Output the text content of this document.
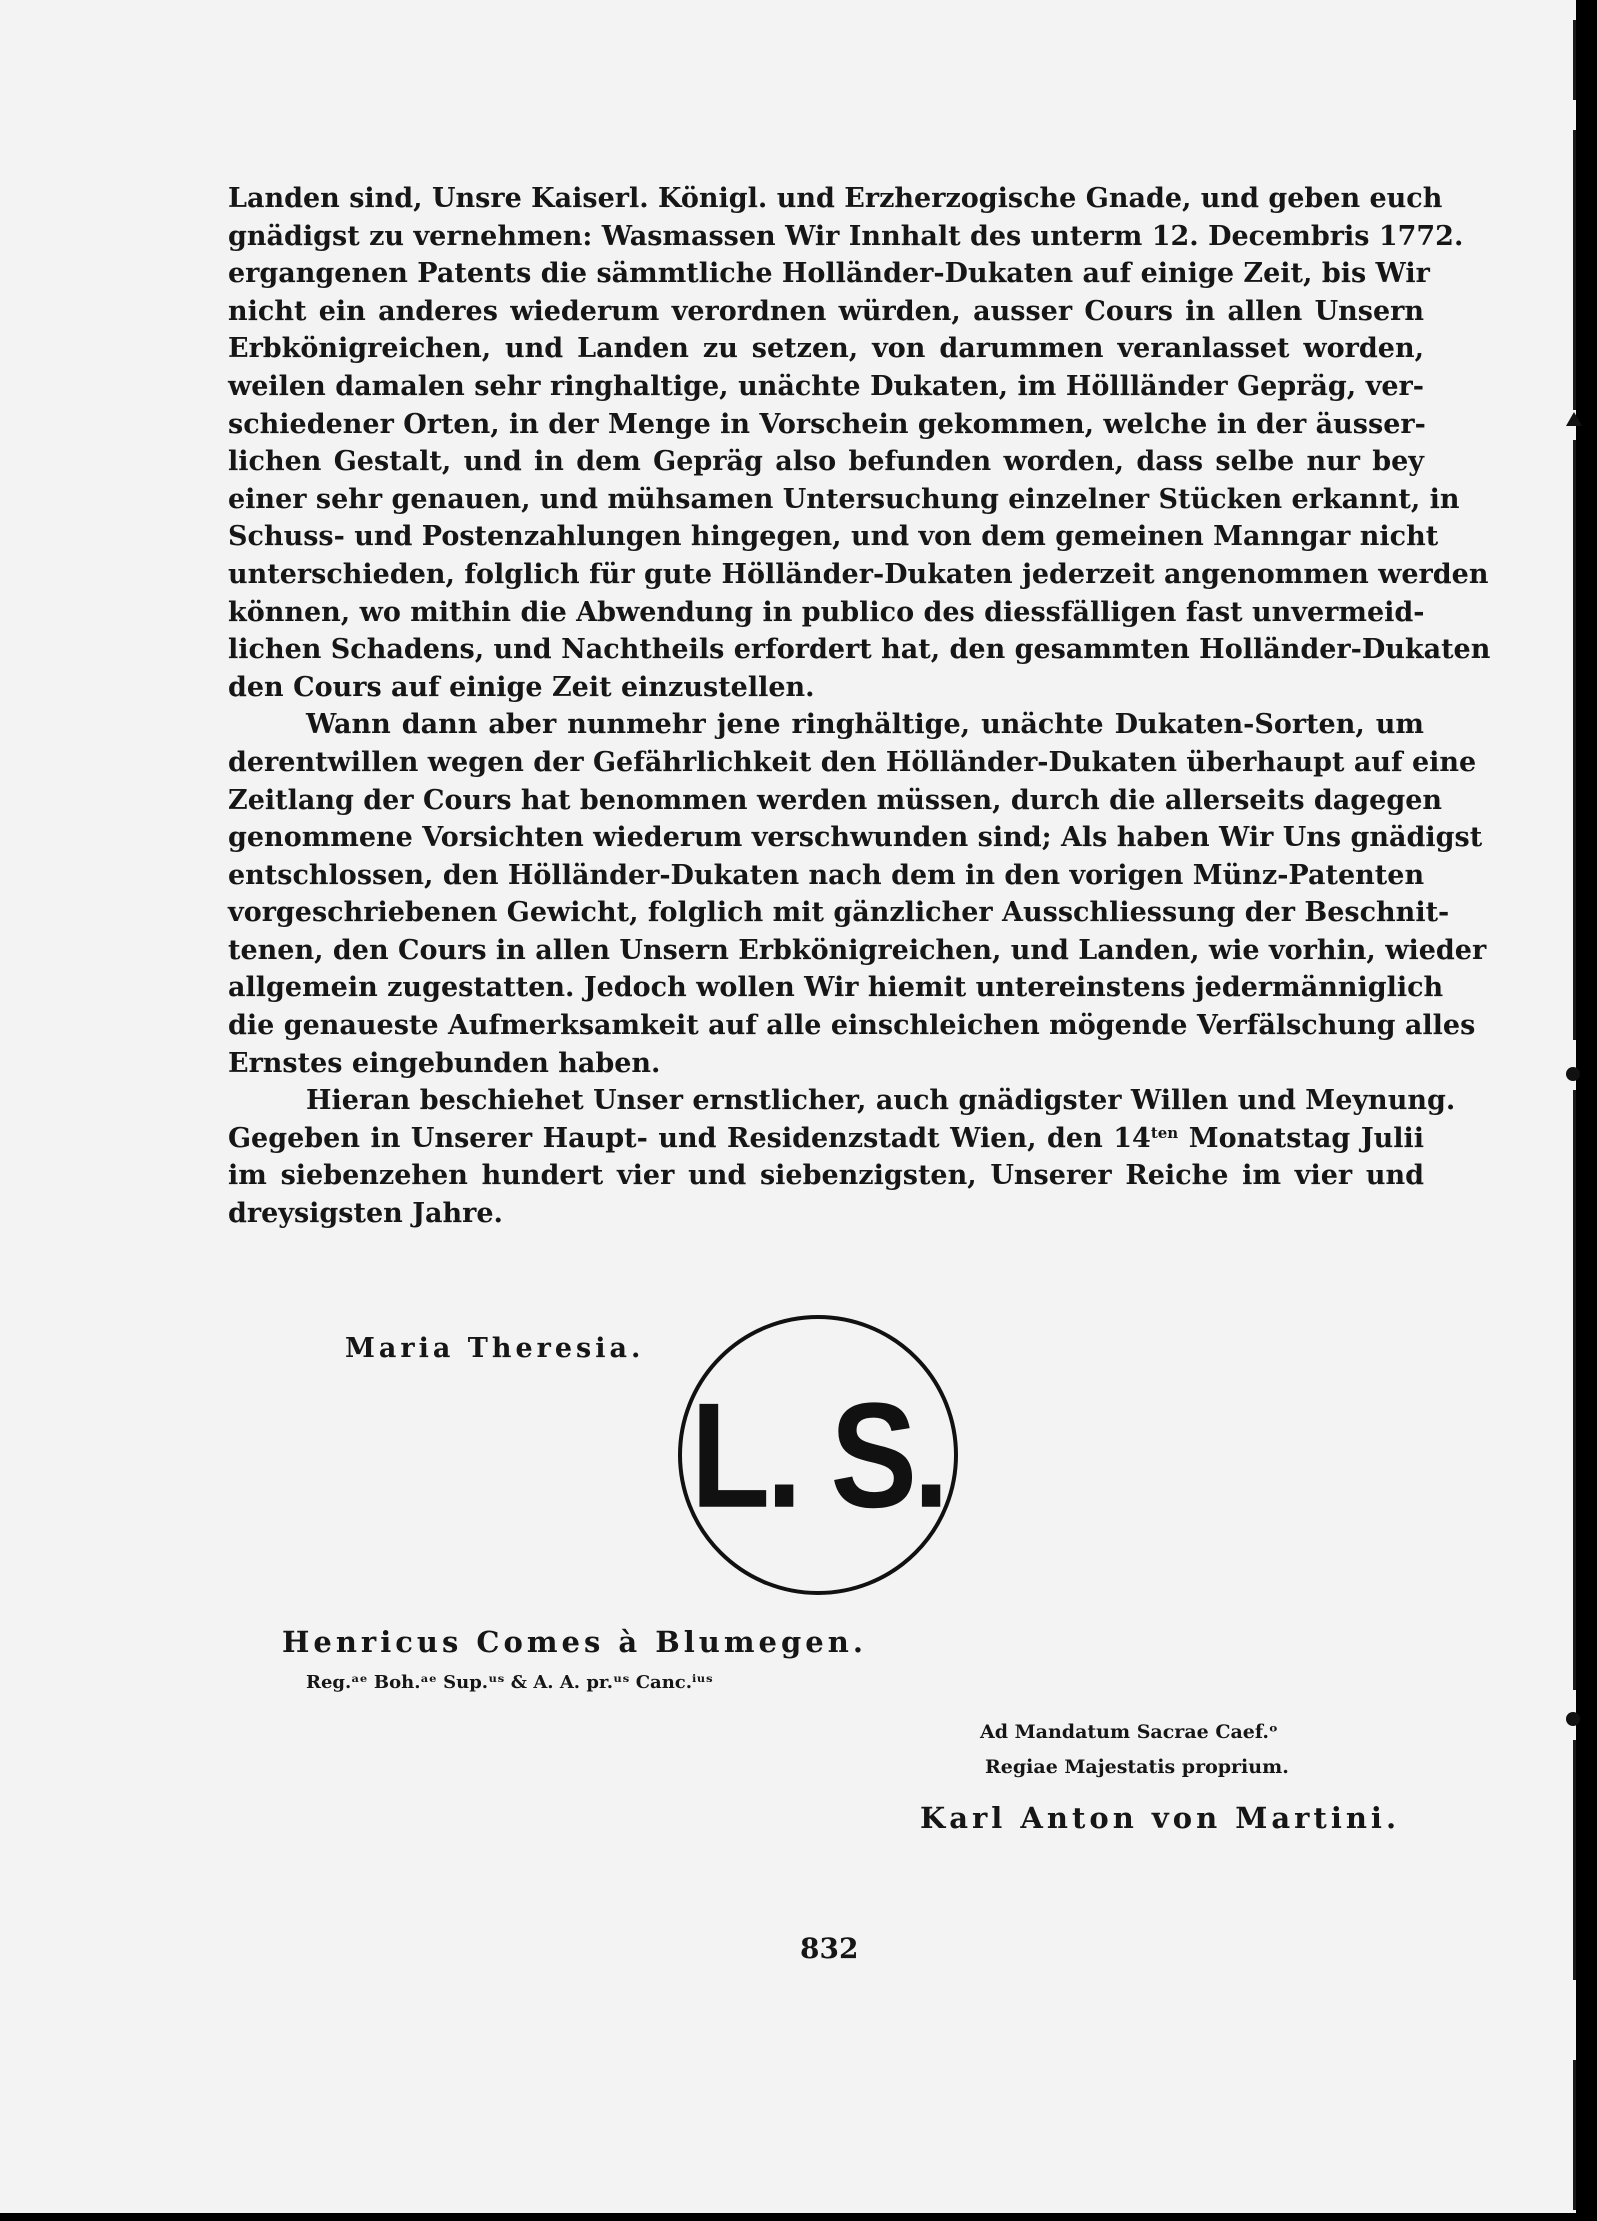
Landen sind, Unsre Kaiserl. Königl. und Erzherzogische Gnade, und geben euch
gnädigst zu vernehmen: Wasmassen Wir Innhalt des unterm 12. Decembris 1772.
ergangenen Patents die sämmtliche Holländer-Dukaten auf einige Zeit, bis Wir
nicht ein anderes wiederum verordnen würden, ausser Cours in allen Unsern
Erbkönigreichen, und Landen zu setzen, von darummen veranlasset worden,
weilen damalen sehr ringhaltige, unächte Dukaten, im Höllländer Gepräg, ver-
schiedener Orten, in der Menge in Vorschein gekommen, welche in der äusser-
lichen Gestalt, und in dem Gepräg also befunden worden, dass selbe nur bey
einer sehr genauen, und mühsamen Untersuchung einzelner Stücken erkannt, in
Schuss- und Postenzahlungen hingegen, und von dem gemeinen Manngar nicht
unterschieden, folglich für gute Hölländer-Dukaten jederzeit angenommen werden
können, wo mithin die Abwendung in publico des diessfälligen fast unvermeid-
lichen Schadens, und Nachtheils erfordert hat, den gesammten Holländer-Dukaten
den Cours auf einige Zeit einzustellen.

Wann dann aber nunmehr jene ringhältige, unächte Dukaten-Sorten, um
derentwillen wegen der Gefährlichkeit den Hölländer-Dukaten überhaupt auf eine
Zeitlang der Cours hat benommen werden müssen, durch die allerseits dagegen
genommene Vorsichten wiederum verschwunden sind; Als haben Wir Uns gnädigst
entschlossen, den Hölländer-Dukaten nach dem in den vorigen Münz-Patenten
vorgeschriebenen Gewicht, folglich mit gänzlicher Ausschliessung der Beschnit-
tenen, den Cours in allen Unsern Erbkönigreichen, und Landen, wie vorhin, wieder
allgemein zugestatten. Jedoch wollen Wir hiemit untereinstens jedermänniglich
die genaueste Aufmerksamkeit auf alle einschleichen mögende Verfälschung alles
Ernstes eingebunden haben.

Hieran beschiehet Unser ernstlicher, auch gnädigster Willen und Meynung.
Gegeben in Unserer Haupt- und Residenzstadt Wien, den $14^{ten}$ Monatstag Julii
im siebenzehen hundert vier und siebenzigsten, Unserer Reiche im vier und
dreysigsten Jahre.

Maria Theresia.
L. S.
Henricus Comes à Blumegen.
Reg.ᵃᵉ Boh.ᵃᵉ Sup.ᵘˢ & A. A. pr.ᵘˢ Canc.ⁱᵘˢ
Ad Mandatum Sacrae Caef.ᵒ
Regiae Majestatis proprium.
Karl Anton von Martini.
832
